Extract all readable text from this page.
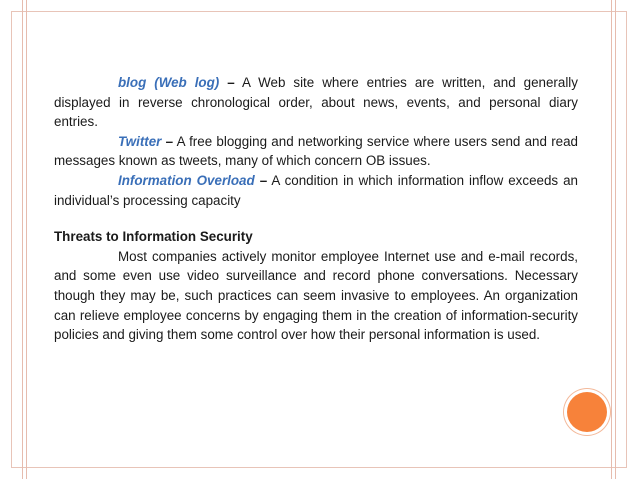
blog (Web log) – A Web site where entries are written, and generally displayed in reverse chronological order, about news, events, and personal diary entries.

Twitter – A free blogging and networking service where users send and read messages known as tweets, many of which concern OB issues.

Information Overload – A condition in which information inflow exceeds an individual’s processing capacity

Threats to Information Security

Most companies actively monitor employee Internet use and e-mail records, and some even use video surveillance and record phone conversations. Necessary though they may be, such practices can seem invasive to employees. An organization can relieve employee concerns by engaging them in the creation of information-security policies and giving them some control over how their personal information is used.
